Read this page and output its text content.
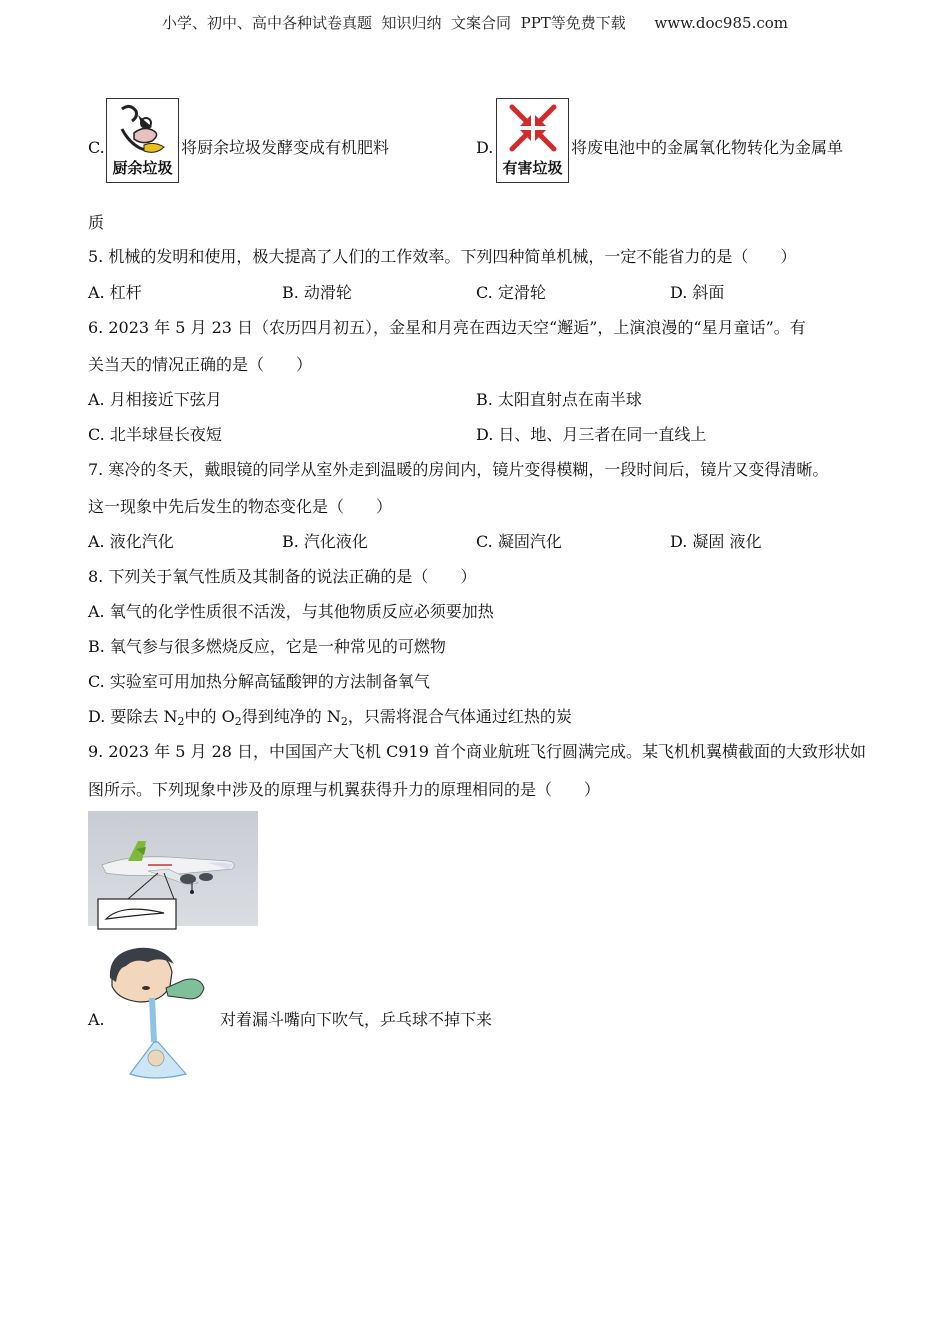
小学、初中、高中各种试卷真题  知识归纳  文案合同  PPT等免费下载      www.doc985.com
C.
厨余垃圾
将厨余垃圾发酵变成有机肥料	D.
有害垃圾
将废电池中的金属氧化物转化为金属单
质
5. 机械的发明和使用，极大提高了人们的工作效率。下列四种简单机械，一定不能省力的是（　　）
A. 杠杆	B. 动滑轮	C. 定滑轮	D. 斜面
6. 2023 年 5 月 23 日（农历四月初五），金星和月亮在西边天空“邂逅”，上演浪漫的“星月童话”。有
关当天的情况正确的是（　　）
A. 月相接近下弦月	B. 太阳直射点在南半球
C. 北半球昼长夜短	D. 日、地、月三者在同一直线上
7. 寒冷的冬天，戴眼镜的同学从室外走到温暖的房间内，镜片变得模糊，一段时间后，镜片又变得清晰。
这一现象中先后发生的物态变化是（　　）
A. 液化汽化	B. 汽化液化	C. 凝固汽化	D. 凝固 液化
8. 下列关于氧气性质及其制备的说法正确的是（　　）
A. 氧气的化学性质很不活泼，与其他物质反应必须要加热
B. 氧气参与很多燃烧反应，它是一种常见的可燃物
C. 实验室可用加热分解高锰酸钾的方法制备氧气
D. 要除去 $N_2$中的 $O_2$得到纯净的 $N_2$，只需将混合气体通过红热的炭
9. 2023 年 5 月 28 日，中国国产大飞机 C919 首个商业航班飞行圆满完成。某飞机机翼横截面的大致形状如
图所示。下列现象中涉及的原理与机翼获得升力的原理相同的是（　　）
A.	对着漏斗嘴向下吹气，乒乓球不掉下来
